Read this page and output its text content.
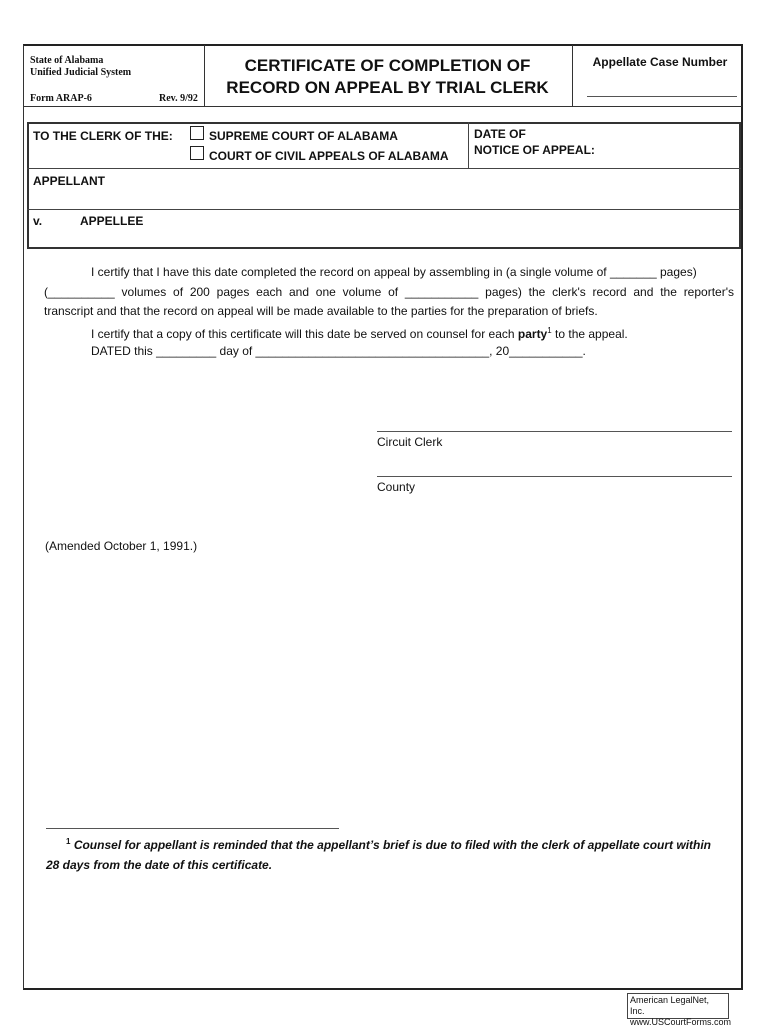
State of Alabama
Unified Judicial System
Form ARAP-6	Rev. 9/92
CERTIFICATE OF COMPLETION OF
RECORD ON APPEAL BY TRIAL CLERK
Appellate Case Number
TO THE CLERK OF THE:	SUPREME COURT OF ALABAMA
COURT OF CIVIL APPEALS OF ALABAMA
DATE OF
NOTICE OF APPEAL:
APPELLANT
v.	APPELLEE
I certify that I have this date completed the record on appeal by assembling in (a single volume of _______ pages)
(__________ volumes of 200 pages each and one volume of ___________ pages) the clerk's record and the reporter's
transcript and that the record on appeal will be made available to the parties for the preparation of briefs.
I certify that a copy of this certificate will this date be served on counsel for each party$^1$ to the appeal.
DATED this _________ day of ___________________________________, 20___________.
Circuit Clerk
County
(Amended October 1, 1991.)
$^1$ Counsel for appellant is reminded that the appellant’s brief is due to filed with the clerk of appellate court within
28 days from the date of this certificate.
American LegalNet, Inc.
www.USCourtForms.com
